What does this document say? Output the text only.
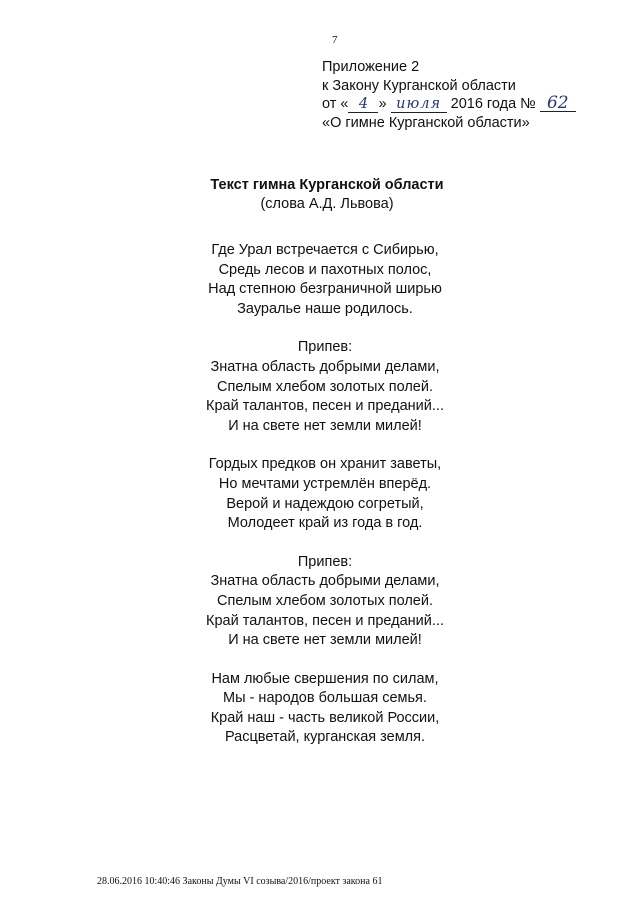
7
Приложение 2
к Закону Курганской области
от « 4 » июля 2016 года № 62
«О гимне Курганской области»
Текст гимна Курганской области
(слова А.Д. Львова)
Где Урал встречается с Сибирью,
Средь лесов и пахотных полос,
Над степною безграничной ширью
Зауралье наше родилось.
Припев:
Знатна область добрыми делами,
Спелым хлебом золотых полей.
Край талантов, песен и преданий...
И на свете нет земли милей!
Гордых предков он хранит заветы,
Но мечтами устремлён вперёд.
Верой и надеждою согретый,
Молодеет край из года в год.
Припев:
Знатна область добрыми делами,
Спелым хлебом золотых полей.
Край талантов, песен и преданий...
И на свете нет земли милей!
Нам любые свершения по силам,
Мы - народов большая семья.
Край наш - часть великой России,
Расцветай, курганская земля.
28.06.2016 10:40:46 Законы Думы VI созыва/2016/проект закона 61
